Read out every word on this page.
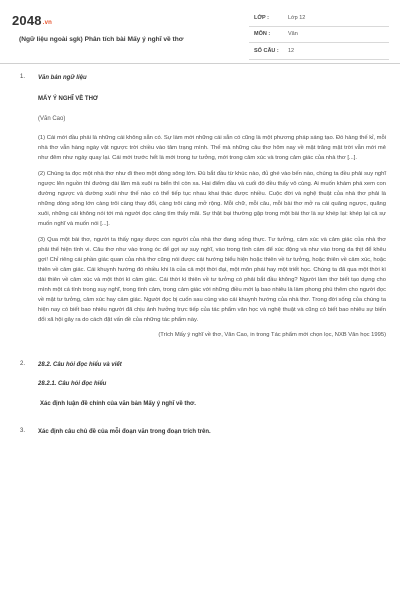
2048.vn
(Ngữ liệu ngoài sgk) Phân tích bài Mấy ý nghĩ về thơ
LỚP :	Lớp 12
MÔN :	Văn
SỐ CÂU :	12
1. Văn bản ngữ liệu

MẤY Ý NGHĨ VỀ THƠ
(Văn Cao)

(1) Cái mới đầu phải là những cái không sẵn có. Sự làm mới những cái sẵn có cũng là một phương pháp sáng tạo. Đó hàng thế kỉ, mỗi nhà thơ vẫn hàng ngày vật ngược trời chiều vào tâm trạng mình. Thế mà những câu thơ hôm nay về mặt trăng mặt trời vẫn mới mẻ như đêm như ngày quay lại. Cái mới trước hết là mới trong tư tưởng, mới trong cảm xúc và trong cảm giác của nhà thơ [...].

(2) Chúng ta đọc một nhà thơ như đi theo một dòng sông lớn. Đù bắt đầu từ khúc nào, đủ ghé vào bến nào, chúng ta đều phải suy nghĩ ngược lên nguồn thì đường dài lâm mà xuôi ra biển thì còn xa. Hai điểm đầu và cuối đó đều thấy vô cùng. Ai muốn khám phá xem con đường ngược và đường xuôi như thế nào có thể tiếp tục nhau khai thác được nhiều. Cuộc đời và nghệ thuật của nhà thơ phải là những dòng sông lớn càng trôi càng thay đổi, càng trôi càng mở rộng. Mỗi chữ, mỗi câu, mỗi bài thơ mở ra cái quãng ngược, quãng xuôi, những cái không nói tới mà người đọc cảng tìm thấy mãi. Sự thật bại thường gặp trong một bài thơ là sự khép lại: khép lại cả sự muốn nghĩ và muốn nói [...].

(3) Qua một bài thơ, người ta thấy ngay được con người của nhà thơ đang sống thực. Tư tưởng, cảm xúc và cảm giác của nhà thơ phải thể hiện tính vi. Câu thơ như vào trong óc để gợi sự suy nghĩ, vào trong tình cảm để xúc động và như vào trong da thịt để khêu gợi! Chỉ riêng cái phần giác quan của nhà thơ cũng nói được cái hướng biểu hiện hoặc thiên về tư tưởng, hoặc thiên về cảm xúc, hoặc thiên về cảm giác. Cái khuynh hướng đó nhiều khi là của cả một thời đại, một môn phái hay một triết học. Chúng ta đã qua một thời kì dài thiên về cảm xúc và một thời kì cảm giác. Cái thời kì thiên về tư tưởng có phải bắt đầu không? Người làm thơ biết tạo dựng cho mình một cá tính trong suy nghĩ, trong tình cảm, trong cảm giác với những điều mới lạ bao nhiêu là làm phong phú thêm cho người đọc về mặt tư tưởng, cảm xúc hay cảm giác. Người đọc bị cuốn sau cùng vào cái khuynh hướng của nhà thơ. Trong đời sống của chúng ta hiện nay có biết bao nhiêu người đã chịu ảnh hưởng trực tiếp của tác phẩm văn học và nghệ thuật và cũng có biết bao nhiêu sự biến đổi xã hội gây ra do cách đặt vấn đề của những tác phẩm này.

(Trích Mấy ý nghĩ về thơ, Văn Cao, in trong Tác phẩm mới chọn lọc, NXB Văn học 1995)
2. 28.2. Câu hỏi đọc hiểu và viết

28.2.1. Câu hỏi đọc hiểu
Xác định luận đề chính của văn bản Mấy ý nghĩ về thơ.
3. Xác định câu chủ đề của mỗi đoạn văn trong đoạn trích trên.
